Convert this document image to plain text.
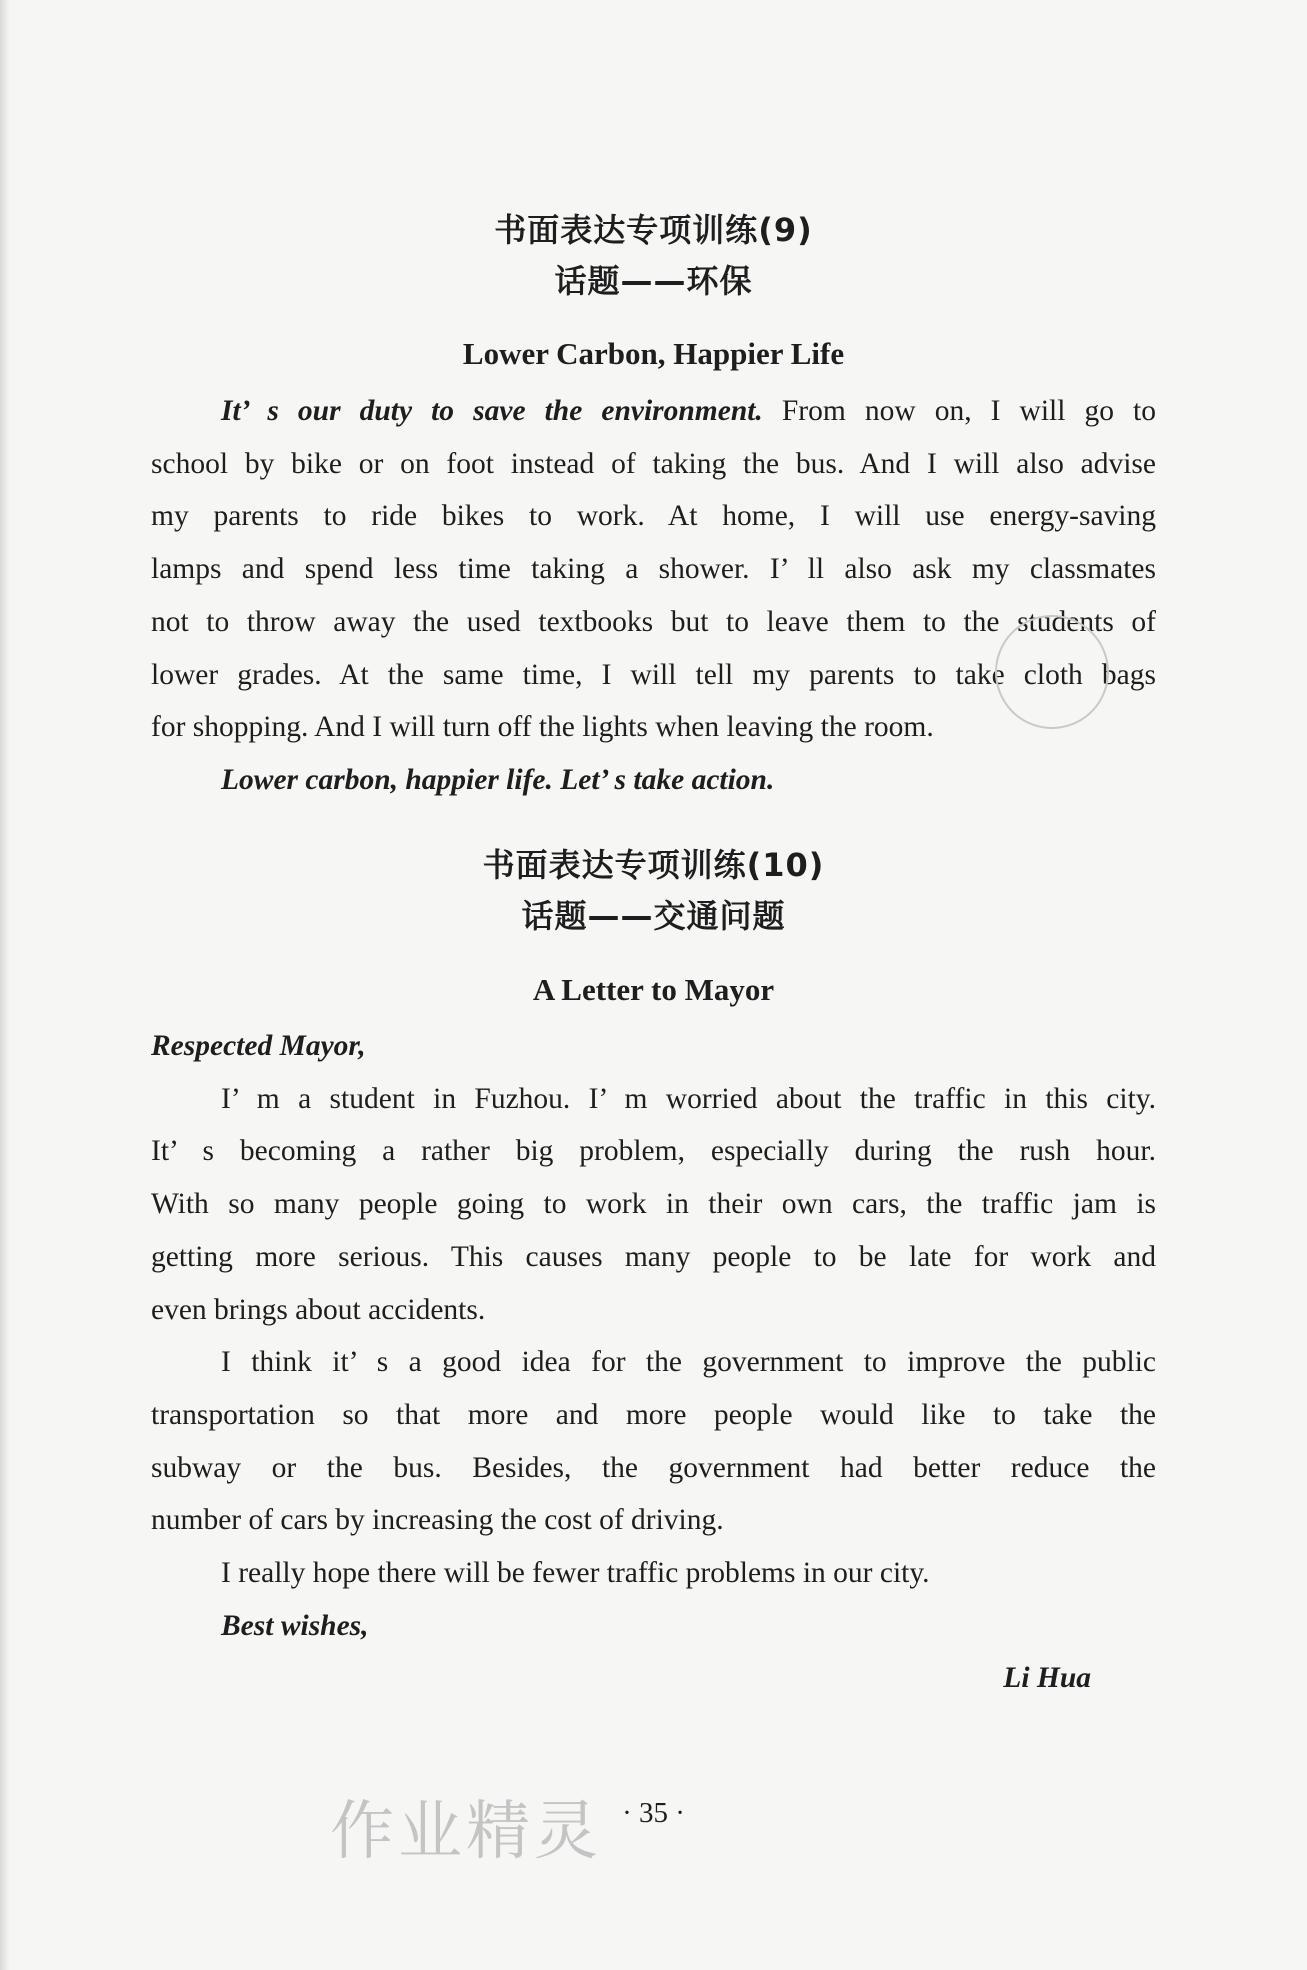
书面表达专项训练(9)
话题——环保
Lower Carbon, Happier Life
It’ s our duty to save the environment. From now on, I will go to
school by bike or on foot instead of taking the bus. And I will also advise
my parents to ride bikes to work. At home, I will use energy-saving
lamps and spend less time taking a shower. I’ ll also ask my classmates
not to throw away the used textbooks but to leave them to the students of
lower grades. At the same time, I will tell my parents to take cloth bags
for shopping. And I will turn off the lights when leaving the room.
Lower carbon, happier life. Let’ s take action.
书面表达专项训练(10)
话题——交通问题
A Letter to Mayor
Respected Mayor,
I’ m a student in Fuzhou. I’ m worried about the traffic in this city.
It’ s becoming a rather big problem, especially during the rush hour.
With so many people going to work in their own cars, the traffic jam is
getting more serious. This causes many people to be late for work and
even brings about accidents.
I think it’ s a good idea for the government to improve the public
transportation so that more and more people would like to take the
subway or the bus. Besides, the government had better reduce the
number of cars by increasing the cost of driving.
I really hope there will be fewer traffic problems in our city.
Best wishes,
Li Hua
作业精灵 · 35 ·
